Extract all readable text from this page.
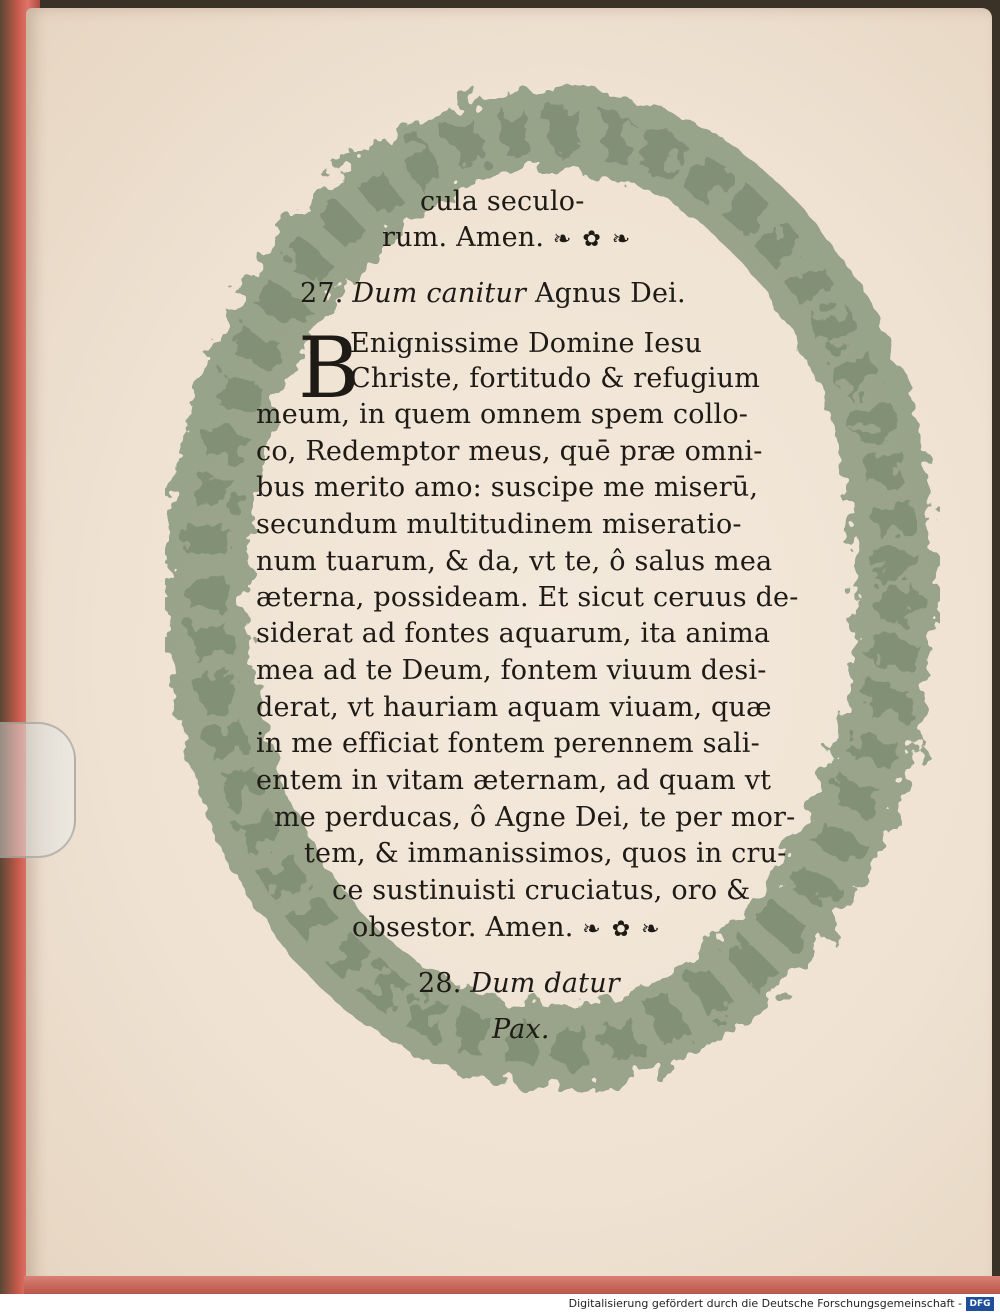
cula seculo-
rum. Amen. ❧ ✿ ❧
27. Dum canitur Agnus Dei.
B
Enignissime Domine Iesu
Christe, fortitudo & refugium
meum, in quem omnem spem collo-
co, Redemptor meus, quē præ omni-
bus merito amo: suscipe me miserū,
secundum multitudinem miseratio-
num tuarum, & da, vt te, ô salus mea
æterna, possideam. Et sicut ceruus de-
siderat ad fontes aquarum, ita anima
mea ad te Deum, fontem viuum desi-
derat, vt hauriam aquam viuam, quæ
in me efficiat fontem perennem sali-
entem in vitam æternam, ad quam vt
me perducas, ô Agne Dei, te per mor-
tem, & immanissimos, quos in cru-
ce sustinuisti cruciatus, oro &
obsestor. Amen. ❧ ✿ ❧
28. Dum datur
Pax.
Digitalisierung gefördert durch die Deutsche Forschungsgemeinschaft - DFG
